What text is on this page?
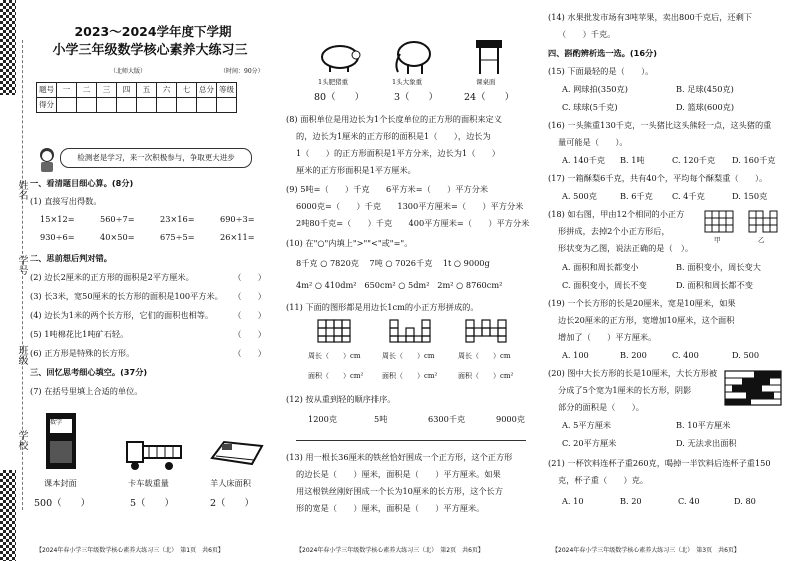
姓名
学号
班级
学校
2023～2024学年度下学期
小学三年级数学核心素养大练习三
（北师大版）	（时间：90分）
题号	一	二	三	四	五	六	七	总分	等级
得分									
检测老是学习，来一次积极参与，争取更大进步
一、看清题目细心算。(8分)
(1) 直接写出得数。
15×12=	560÷7=	23×16=	690÷3=
930÷6=	40×50=	675÷5=	26×11=
二、思前想后判对错。
(2) 边长2厘米的正方形的面积是2平方厘米。	（　　）
(3) 长3米，宽50厘米的长方形的面积是100平方米。 （　　）
(4) 边长为1米的两个长方形，它们的面积也相等。 （　　）
(5) 1吨棉花比1吨矿石轻。	（　　）
(6) 正方形是特殊的长方形。	（　　）
三、回忆思考细心填空。(37分)
(7) 在括号里填上合适的单位。
数学
课本封面	卡车载重量	羊人床面积
500（　　）	5（　　）	2（　　）
【2024年春小学三年级数学核心素养大练习三（北）　第1页　共6页】
1头肥猪重	1头大象重	课桌面
80（　　）	3（　　）	24（　　）
(8) 面积单位是用边长为1个长度单位的正方形的面积来定义
的，边长为1厘米的正方形的面积是1（　　），边长为
1（　　）的正方形面积是1平方分米，边长为1（　　）
厘米的正方形面积是1平方厘米。
(9) 5吨=（　　）千克　　6平方米=（　　）平方分米
6000克=（　　）千克　　1300平方厘米=（　　）平方分米
2吨80千克=（　　）千克　　400平方厘米=（　　）平方分米
(10) 在"○"内填上">""<"或"="。
8千克 ○ 7820克 7吨 ○ 7026千克 1t ○ 9000g
4m² ○ 410dm² 650cm² ○ 5dm² 2m² ○ 8760cm²
(11) 下面的图形都是用边长1cm的小正方形拼成的。
周长（　　）cm	周长（　　）cm	周长（　　）cm
面积（　　）cm²	面积（　　）cm²	面积（　　）cm²
(12) 按从重到轻的顺序排序。
1200克	5吨	6300千克	9000克
(13) 用一根长36厘米的铁丝恰好围成一个正方形，这个正方形
的边长是（　　）厘米，面积是（　　）平方厘米。如果
用这根铁丝刚好围成一个长为10厘米的长方形，这个长方
形的宽是（　　）厘米，面积是（　　）平方厘米。
【2024年春小学三年级数学核心素养大练习三（北）　第2页　共6页】
(14) 水果批发市场有3吨苹果，卖出800千克后，还剩下
（　　）千克。
四、斟酌辨析选一选。(16分)
(15) 下面最轻的是（　　）。
A. 网球拍(350克)	B. 足球(450克)
C. 球球(5千克)	D. 篮球(600克)
(16) 一头熊重130千克，一头猪比这头熊轻一点，这头猪的重
量可能是（　　）。
A. 140千克 B. 1吨	C. 120千克 D. 160千克
(17) 一箱酥梨6千克，共有40个，平均每个酥梨重（　　）。
A. 500克	B. 6千克 C. 4千克	D. 150克
(18) 如右图，甲由12个相同的小正方
形拼成，去掉2个小正方形后，
形状变为乙图，说法正确的是（　）。
甲	乙
A. 面积和周长都变小	B. 面积变小，周长变大
C. 面积变小，周长不变	D. 面积和周长都不变
(19) 一个长方形的长是20厘米，宽是10厘米，如果
边长20厘米的正方形，宽增加10厘米，这个面积
增加了（　　）平方厘米。
A. 100	B. 200	C. 400	D. 500
(20) 图中大长方形的长是10厘米，大长方形被
分成了5个宽为1厘米的长方形，阴影
部分的面积是（　　）。
A. 5平方厘米	B. 10平方厘米
C. 20平方厘米	D. 无法求出面积
(21) 一杯饮料连杯子重260克，喝掉一半饮料后连杯子重150
克，杯子重（　　）克。
A. 10	B. 20	C. 40	D. 80
【2024年春小学三年级数学核心素养大练习三（北）　第3页　共6页】
